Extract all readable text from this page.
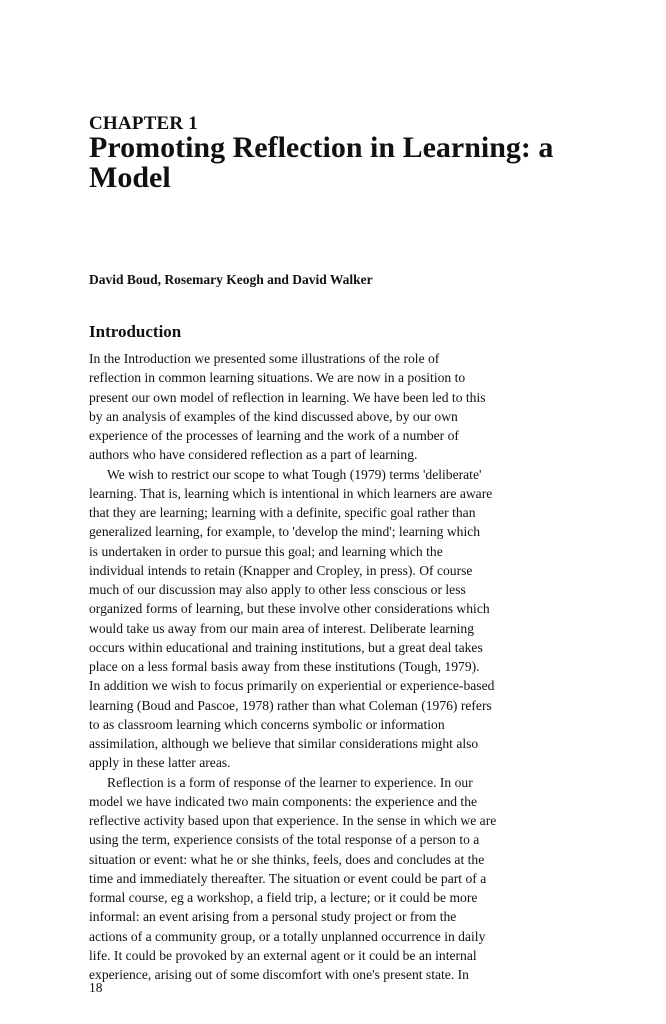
CHAPTER 1
Promoting Reflection in Learning: a
Model
David Boud, Rosemary Keogh and David Walker
Introduction
In the Introduction we presented some illustrations of the role of
reflection in common learning situations. We are now in a position to
present our own model of reflection in learning. We have been led to this
by an analysis of examples of the kind discussed above, by our own
experience of the processes of learning and the work of a number of
authors who have considered reflection as a part of learning.
We wish to restrict our scope to what Tough (1979) terms 'deliberate'
learning. That is, learning which is intentional in which learners are aware
that they are learning; learning with a definite, specific goal rather than
generalized learning, for example, to 'develop the mind'; learning which
is undertaken in order to pursue this goal; and learning which the
individual intends to retain (Knapper and Cropley, in press). Of course
much of our discussion may also apply to other less conscious or less
organized forms of learning, but these involve other considerations which
would take us away from our main area of interest. Deliberate learning
occurs within educational and training institutions, but a great deal takes
place on a less formal basis away from these institutions (Tough, 1979).
In addition we wish to focus primarily on experiential or experience-based
learning (Boud and Pascoe, 1978) rather than what Coleman (1976) refers
to as classroom learning which concerns symbolic or information
assimilation, although we believe that similar considerations might also
apply in these latter areas.
Reflection is a form of response of the learner to experience. In our
model we have indicated two main components: the experience and the
reflective activity based upon that experience. In the sense in which we are
using the term, experience consists of the total response of a person to a
situation or event: what he or she thinks, feels, does and concludes at the
time and immediately thereafter. The situation or event could be part of a
formal course, eg a workshop, a field trip, a lecture; or it could be more
informal: an event arising from a personal study project or from the
actions of a community group, or a totally unplanned occurrence in daily
life. It could be provoked by an external agent or it could be an internal
experience, arising out of some discomfort with one's present state. In
18
